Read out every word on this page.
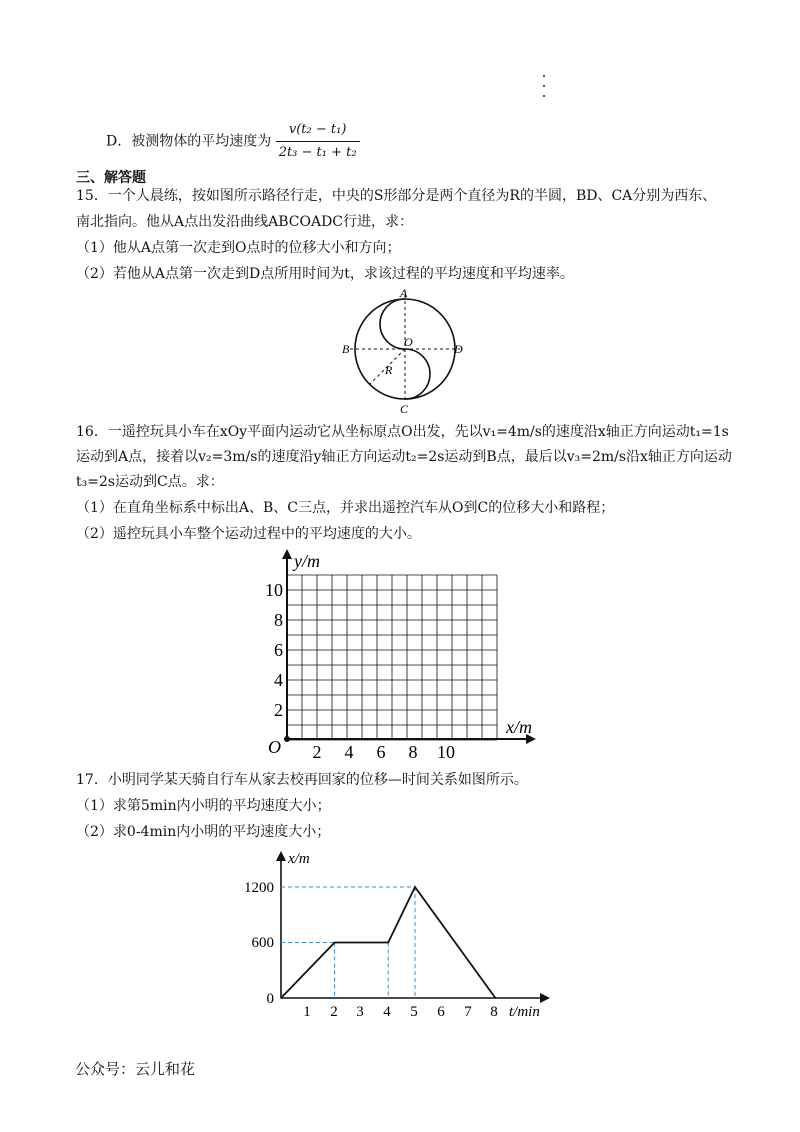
D．被测物体的平均速度为 $\frac{\text{v(t₂ − t₁)}}{\text{2t₃ − t₁ + t₂}}$
三、解答题
15．一个人晨练，按如图所示路径行走，中央的S形部分是两个直径为R的半圆，BD、CA分别为西东、
南北指向。他从A点出发沿曲线ABCOADC行进，求：
（1）他从A点第一次走到O点时的位移大小和方向；
（2）若他从A点第一次走到D点所用时间为t，求该过程的平均速度和平均速率。
A
B
C
D
O
R
16．一遥控玩具小车在xOy平面内运动它从坐标原点O出发，先以v₁=4m/s的速度沿x轴正方向运动t₁=1s
运动到A点，接着以v₂=3m/s的速度沿y轴正方向运动t₂=2s运动到B点，最后以v₃=2m/s沿x轴正方向运动
t₃=2s运动到C点。求：
（1）在直角坐标系中标出A、B、C三点，并求出遥控汽车从O到C的位移大小和路程；
（2）遥控玩具小车整个运动过程中的平均速度的大小。
y/m
x/m
O
10
8
6
4
2
2 4 6 8 10
17．小明同学某天骑自行车从家去校再回家的位移—时间关系如图所示。
（1）求第5min内小明的平均速度大小；
（2）求0-4min内小明的平均速度大小；
x/m
t/min
0
600
1200
1 2 3 4 5 6 7 8
公众号：云儿和花
